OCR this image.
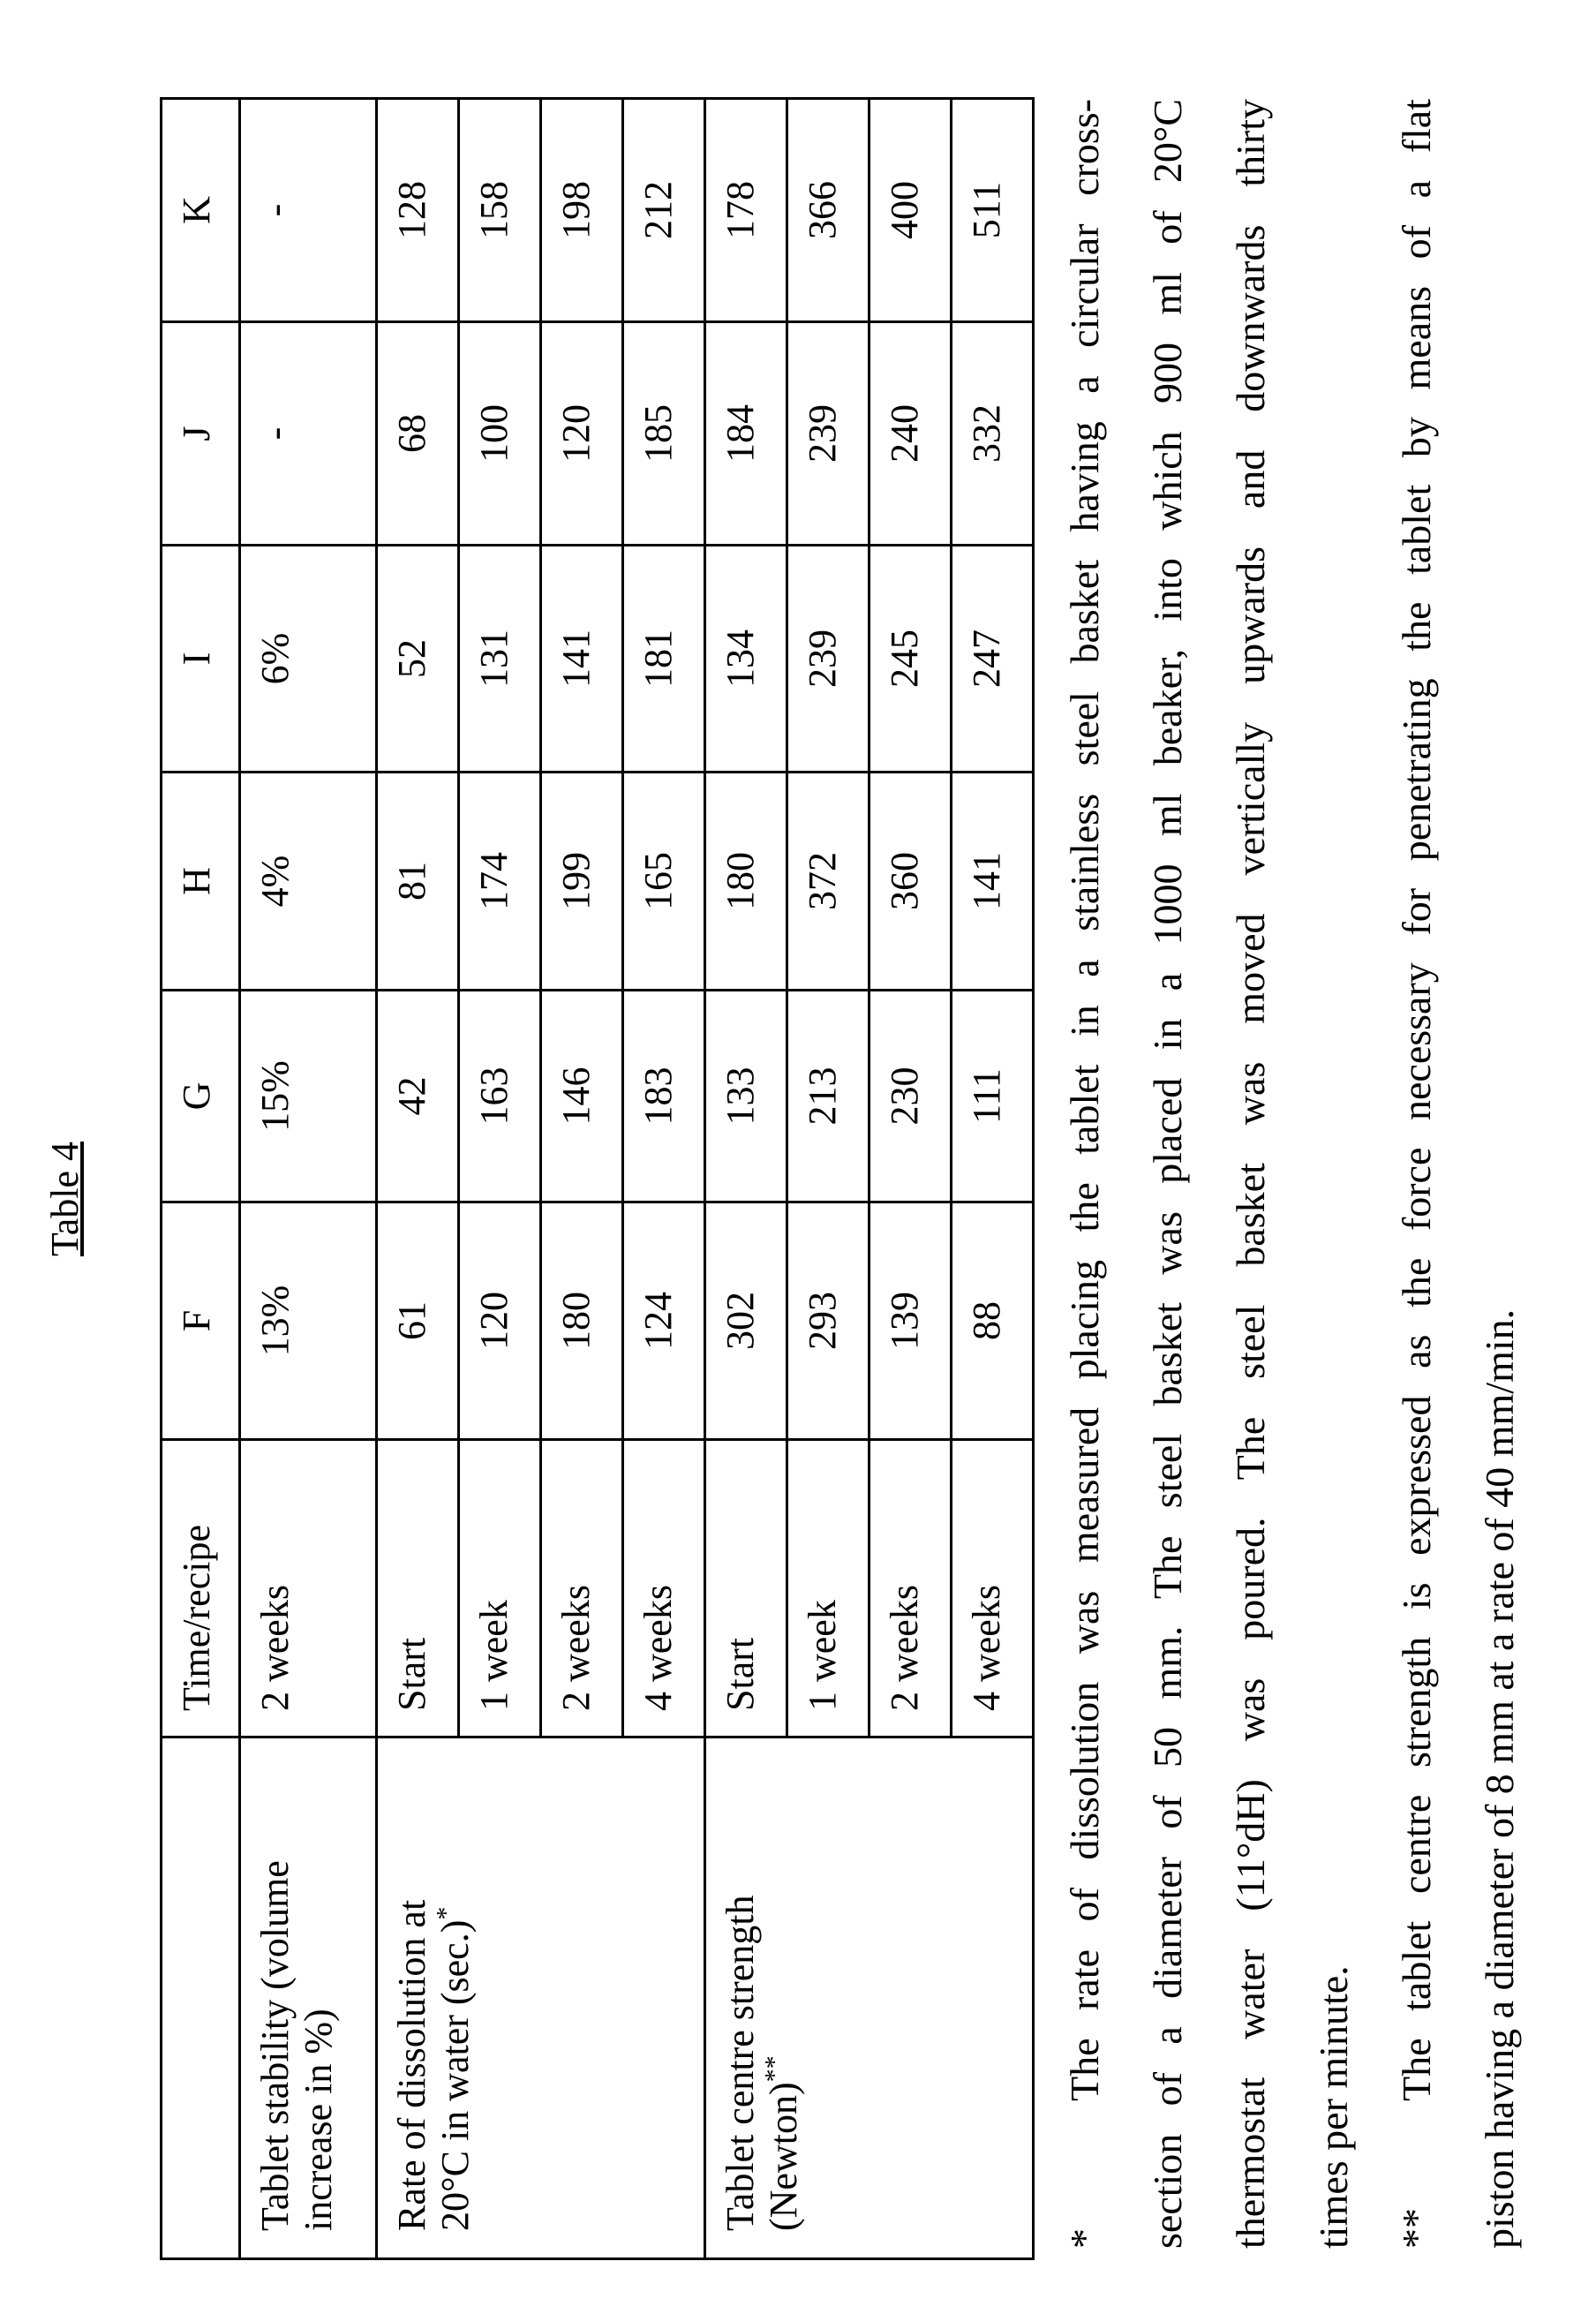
Table 4
	Time/recipe	F	G	H	I	J	K
Tablet stability (volume
increase in %)	2 weeks	13%	15%	4%	6%	-	-
Rate of dissolution at
20°C in water (sec.)*	Start	61	42	81	52	68	128
1 week	120	163	174	131	100	158
2 weeks	180	146	199	141	120	198
4 weeks	124	183	165	181	185	212
Tablet centre strength
(Newton)**	Start	302	133	180	134	184	178
1 week	293	213	372	239	239	366
2 weeks	139	230	360	245	240	400
4 weeks	88	111	141	247	332	511
*
The rate of dissolution was measured placing the tablet in a stainless steel basket having a circular cross- section of a diameter of 50 mm. The steel basket was placed in a 1000 ml beaker, into which 900 ml of 20°C thermostat water (11°dH) was poured. The steel basket was moved vertically upwards and downwards thirty times per minute. **
The tablet centre strength is expressed as the force necessary for penetrating the tablet by means of a flat piston having a diameter of 8 mm at a rate of 40 mm/min.
